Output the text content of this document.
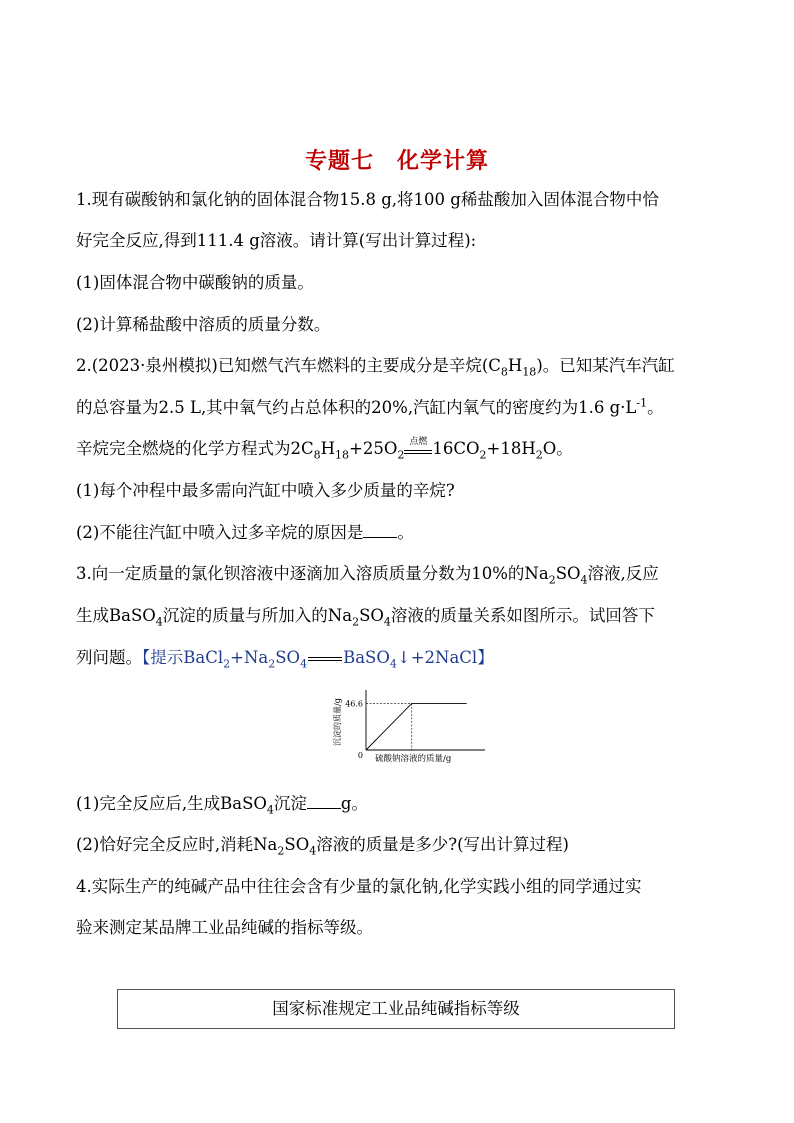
专题七　化学计算
1.现有碳酸钠和氯化钠的固体混合物15.8 g,将100 g稀盐酸加入固体混合物中恰
好完全反应,得到111.4 g溶液。请计算(写出计算过程):
(1)固体混合物中碳酸钠的质量。
(2)计算稀盐酸中溶质的质量分数。
2.(2023·泉州模拟)已知燃气汽车燃料的主要成分是辛烷$(C_8H_{18})$。已知某汽车汽缸
的总容量为2.5 L,其中氧气约占总体积的20%,汽缸内氧气的密度约为1.6 $g\cdot L^{-1}$。
辛烷完全燃烧的化学方程式为$2C_8H_{18}+25O_2$
点燃 $16CO_2+18H_2O$。
(1)每个冲程中最多需向汽缸中喷入多少质量的辛烷?
(2)不能往汽缸中喷入过多辛烷的原因是 。
3.向一定质量的氯化钡溶液中逐滴加入溶质质量分数为10%的$Na_2SO_4$溶液,反应
生成BaSO$_4$沉淀的质量与所加入的$Na_2SO_4$溶液的质量关系如图所示。试回答下
列问题。【提示$BaCl_2+Na_2SO_4$ BaSO$_4$↓+2NaCl】
46.6
0 硫酸钠溶液的质量/g
沉淀的质量/g
(1)完全反应后,生成BaSO$_4$沉淀 g。
(2)恰好完全反应时,消耗$Na_2SO_4$溶液的质量是多少?(写出计算过程)
4.实际生产的纯碱产品中往往会含有少量的氯化钠,化学实践小组的同学通过实
验来测定某品牌工业品纯碱的指标等级。
国家标准规定工业品纯碱指标等级
